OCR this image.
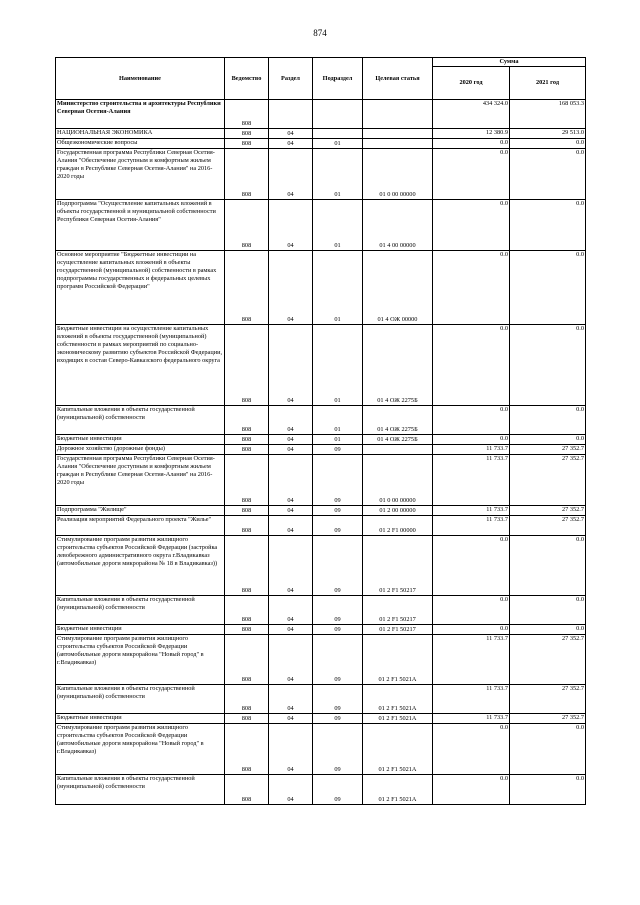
874
Наименование	Ведомство	Раздел	Подраздел	Целевая статья	Сумма	
					2020 год	2021 год
Министерство строительства и архитектуры Республики Северная Осетия-Алания	808				434 324.0	168 053.3
НАЦИОНАЛЬНАЯ ЭКОНОМИКА	808	04			12 380.9	29 513.0
Общеэкономические вопросы	808	04	01		0.0	0.0
Государственная программа Республики Северная Осетия-Алания "Обеспечение доступным и комфортным жильем граждан в Республике Северная Осетия-Алания" на 2016-2020 годы	808	04	01	01 0 00 00000	0.0	0.0
Подпрограмма "Осуществление капитальных вложений в объекты государственной и муниципальной собственности Республики Северная Осетия-Алания"	808	04	01	01 4 00 00000	0.0	0.0
Основное мероприятие "Бюджетные инвестиции на осуществление капитальных вложений в объекты государственной (муниципальной) собственности в рамках подпрограммы государственных и федеральных целевых программ Российской Федерации"	808	04	01	01 4 ОЖ 00000	0.0	0.0
Бюджетные инвестиции на осуществление капитальных вложений в объекты государственной (муниципальной) собственности в рамках мероприятий по социально-экономическому развитию субъектов Российской Федерации, входящих в состав Северо-Кавказского федерального округа	808	04	01	01 4 ОЖ 2275Б	0.0	0.0
Капитальные вложения в объекты государственной (муниципальной) собственности	808	04	01	01 4 ОЖ 2275Б	0.0	0.0
Бюджетные инвестиции	808	04	01	01 4 ОЖ 2275Б	0.0	0.0
Дорожное хозяйство (дорожные фонды)	808	04	09		11 733.7	27 352.7
Государственная программа Республики Северная Осетия-Алания "Обеспечение доступным и комфортным жильем граждан в Республике Северная Осетия-Алания" на 2016-2020 годы	808	04	09	01 0 00 00000	11 733.7	27 352.7
Подпрограмма "Жилище"	808	04	09	01 2 00 00000	11 733.7	27 352.7
Реализация мероприятий Федерального проекта "Жилье"	808	04	09	01 2 F1 00000	11 733.7	27 352.7
Стимулирование программ развития жилищного строительства субъектов Российской Федерации (застройка левобережного административного округа г.Владикавказ (автомобильные дороги микрорайона № 18 в Владикавказ))	808	04	09	01 2 F1 50217	0.0	0.0
Капитальные вложения в объекты государственной (муниципальной) собственности	808	04	09	01 2 F1 50217	0.0	0.0
Бюджетные инвестиции	808	04	09	01 2 F1 50217	0.0	0.0
Стимулирование программ развития жилищного строительства субъектов Российской Федерации (автомобильные дороги микрорайона "Новый город" в г.Владикавказ)	808	04	09	01 2 F1 5021А	11 733.7	27 352.7
Капитальные вложения в объекты государственной (муниципальной) собственности	808	04	09	01 2 F1 5021А	11 733.7	27 352.7
Бюджетные инвестиции	808	04	09	01 2 F1 5021А	11 733.7	27 352.7
Стимулирование программ развития жилищного строительства субъектов Российской Федерации (автомобильные дороги микрорайона "Новый город" в г.Владикавказ)	808	04	09	01 2 F1 5021А	0.0	0.0
Капитальные вложения в объекты государственной (муниципальной) собственности	808	04	09	01 2 F1 5021А	0.0	0.0
